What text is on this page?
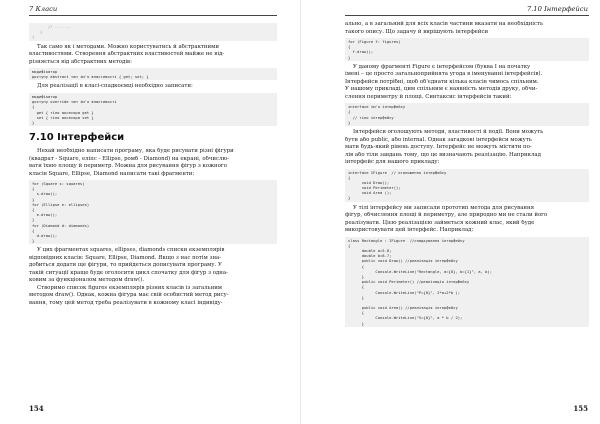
7 Класи
// .......
}
}
Так само як і методами. Можно користуватись й абстрактними
властивостями. Створення абстрактних властивостей майже не від-
різняється від абстрактних методів:
модифікатор
доступу abstract тип ім'я властивості { get; set; }
Для реалізації в класі-спадкоємці необхідно записати:
модифікатор
доступу override тип ім'я властивості
{
get { тіло аксесора get }
set { тіло аксесора set }
}
7.10 Інтерфейси
Нехай необхідно написати програму, яка буде рисувати різні фігури
(квадрат - Square, еліпс - Ellipse, ромб - Diamond) на екрані, обчислю-
вати їхню площу й периметр. Можна для рисування фігур з кожного
класів Square, Ellipse, Diamond написати такі фрагменти:
for (Square s: squares)
{
s.draw();
}
for (Ellipse e: ellipses)
{
e.draw();
}
for (Diamond d: diamonds)
{
d.draw();
}
У цих фрагментах squares, ellipses, diamonds списки екземплярів
відповідних класів: Square, Ellipse, Diamond. Якщо з нас потім зна-
добиться додати ще фігури, то прийдеться дописувати програму. У
такій ситуації краще буде оголосити цикл спочатку для фігур з одна-
ковим за функціоналом методом draw().
Створимо список figures екземплярів різних класів із загальним
методом draw(). Однак, кожна фігура має свій особистий метод рису-
вання, тому цей метод треба реалізувати в кожному класі індивіду-
154
7.10 Інтерфейси
ально, а в загальний для всіх класів частини вказати на необхідність
такого опису. Що задачу й вирішують інтерфейси
for (Figure f: figures)
{
f.draw();
}
У даному фрагменті Figure є інтерфейсом (буква I на початку
імені – це просто загальноприйнята угода в іменуванні інтерфейсів).
Інтерфейси потрібні, щоб об'єднати кілька класів чимось спільним.
У нашому прикладі, цим спільним є наявність методів друку, обчи-
слення периметру й площі. Синтаксис інтерфейсів такий:
interface ім'я інтерфейсу
{
// тіло інтерфейсу
}
Інтерфейси оголошують методи, властивості й події. Вони можуть
бути або public, або internal. Однак загадкові інтерфейси можуть
мати будь-який рівень доступу. Інтерфейс не можуть містити по-
лів або тіли завдань тому, що це визначають реалізацію. Наприклад
інтерфейс для нашого прикладу:
interface IFigure  // оголошення інтерфейсу
{
void Draw();
void Perimeter();
void Area ();
}
У тілі інтерфейсу ми записали прототип метода для рисування
фігур, обчислення площі й периметру, але природно ми не стали його
реалізувати. Цією реалізацією займеться кожний клас, який буде
використовувати цей інтерфейс. Наприклад:
class Rectangle : IFigure  //спадкування інтерфейсу
{
double a=5.8;
double b=8.7;
public void Draw() //реалізація інтерфейсу
{
Console.WriteLine("Rectangle, a={0}, b={1}", a, b);
}
public void Perimeter() //реалізація інтерфейсу
{
Console.WriteLine("P={0}", 2*a+2*b );
}
public void Area() //реалізація інтерфейсу
{
Console.WriteLine("S={0}", a * b / 2);
}
155
